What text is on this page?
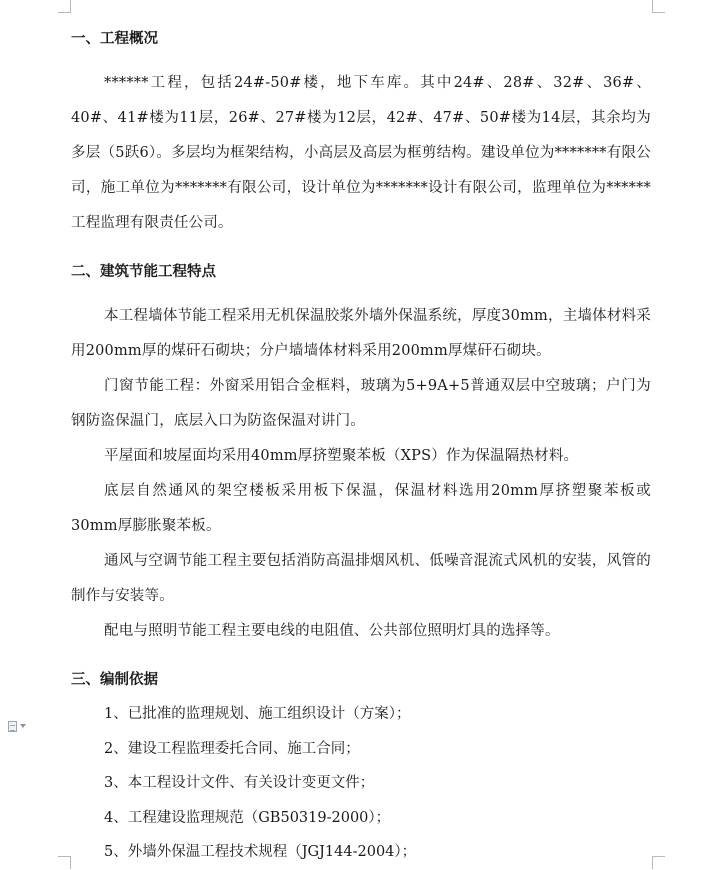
一、工程概况

******工程，包括24#-50#楼，地下车库。其中24#、28#、32#、36#、40#、41#楼为11层，26#、27#楼为12层，42#、47#、50#楼为14层，其余均为多层（5跃6）。多层均为框架结构，小高层及高层为框剪结构。建设单位为*******有限公司，施工单位为*******有限公司，设计单位为*******设计有限公司，监理单位为******工程监理有限责任公司。

二、建筑节能工程特点

本工程墙体节能工程采用无机保温胶浆外墙外保温系统，厚度30mm，主墙体材料采用200mm厚的煤矸石砌块；分户墙墙体材料采用200mm厚煤矸石砌块。

门窗节能工程：外窗采用铝合金框料，玻璃为5+9A+5普通双层中空玻璃；户门为钢防盗保温门，底层入口为防盗保温对讲门。

平屋面和坡屋面均采用40mm厚挤塑聚苯板（XPS）作为保温隔热材料。

底层自然通风的架空楼板采用板下保温，保温材料选用20mm厚挤塑聚苯板或30mm厚膨胀聚苯板。

通风与空调节能工程主要包括消防高温排烟风机、低噪音混流式风机的安装，风管的制作与安装等。

配电与照明节能工程主要电线的电阻值、公共部位照明灯具的选择等。

三、编制依据

1、已批准的监理规划、施工组织设计（方案）；

2、建设工程监理委托合同、施工合同；

3、本工程设计文件、有关设计变更文件；

4、工程建设监理规范（GB50319-2000）；

5、外墙外保温工程技术规程（JGJ144-2004）；
